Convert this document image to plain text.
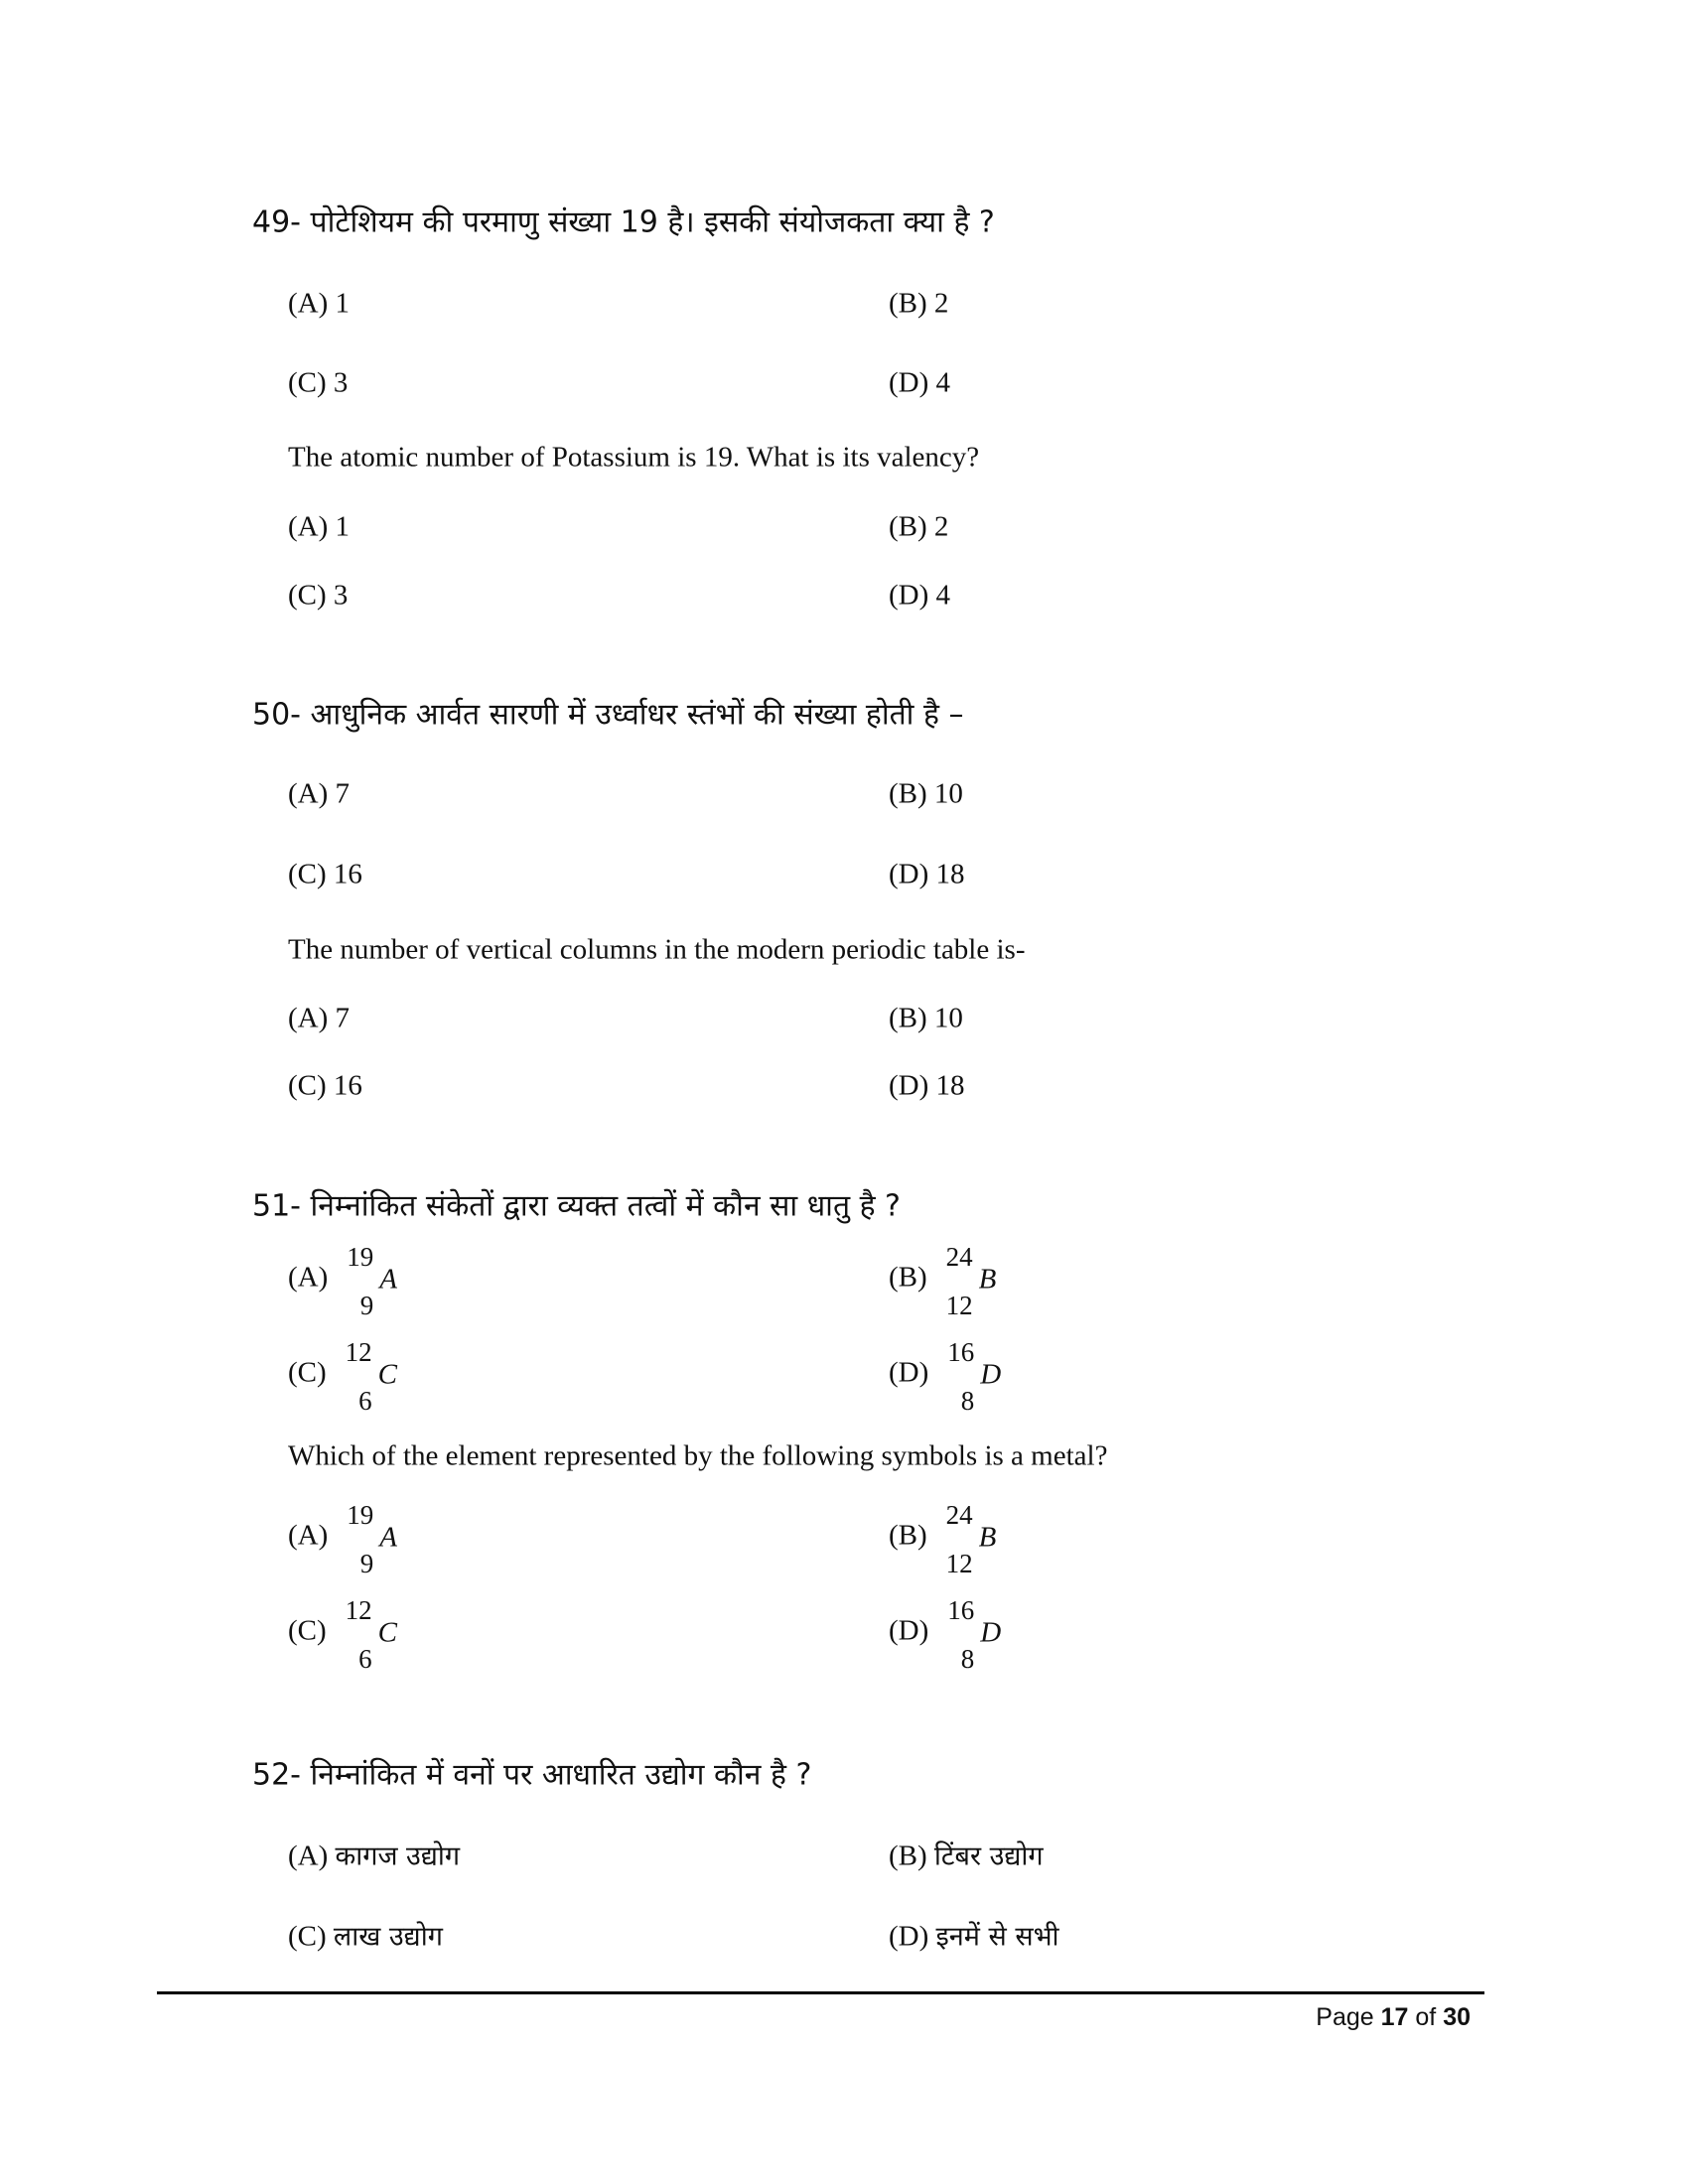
49- पोटेशियम की परमाणु संख्या 19 है। इसकी संयोजकता क्या है ?
(A) 1	(B) 2
(C) 3	(D) 4
The atomic number of Potassium is 19. What is its valency?
(A) 1	(B) 2
(C) 3	(D) 4
50- आधुनिक आर्वत सारणी में उर्ध्वाधर स्तंभों की संख्या होती है –
(A) 7	(B) 10
(C) 16	(D) 18
The number of vertical columns in the modern periodic table is-
(A) 7	(B) 10
(C) 16	(D) 18
51- निम्नांकित संकेतों द्वारा व्यक्त तत्वों में कौन सा धातु है ?
(A)
19
9
A	(B)
24
12
B
(C)
12
6
C	(D)
16
8
D
Which of the element represented by the following symbols is a metal?
(A)
19
9
A	(B)
24
12
B
(C)
12
6
C	(D)
16
8
D
52- निम्नांकित में वनों पर आधारित उद्योग कौन है ?
(A) कागज उद्योग	(B) टिंबर उद्योग
(C) लाख उद्योग	(D) इनमें से सभी
Page 17 of 30
